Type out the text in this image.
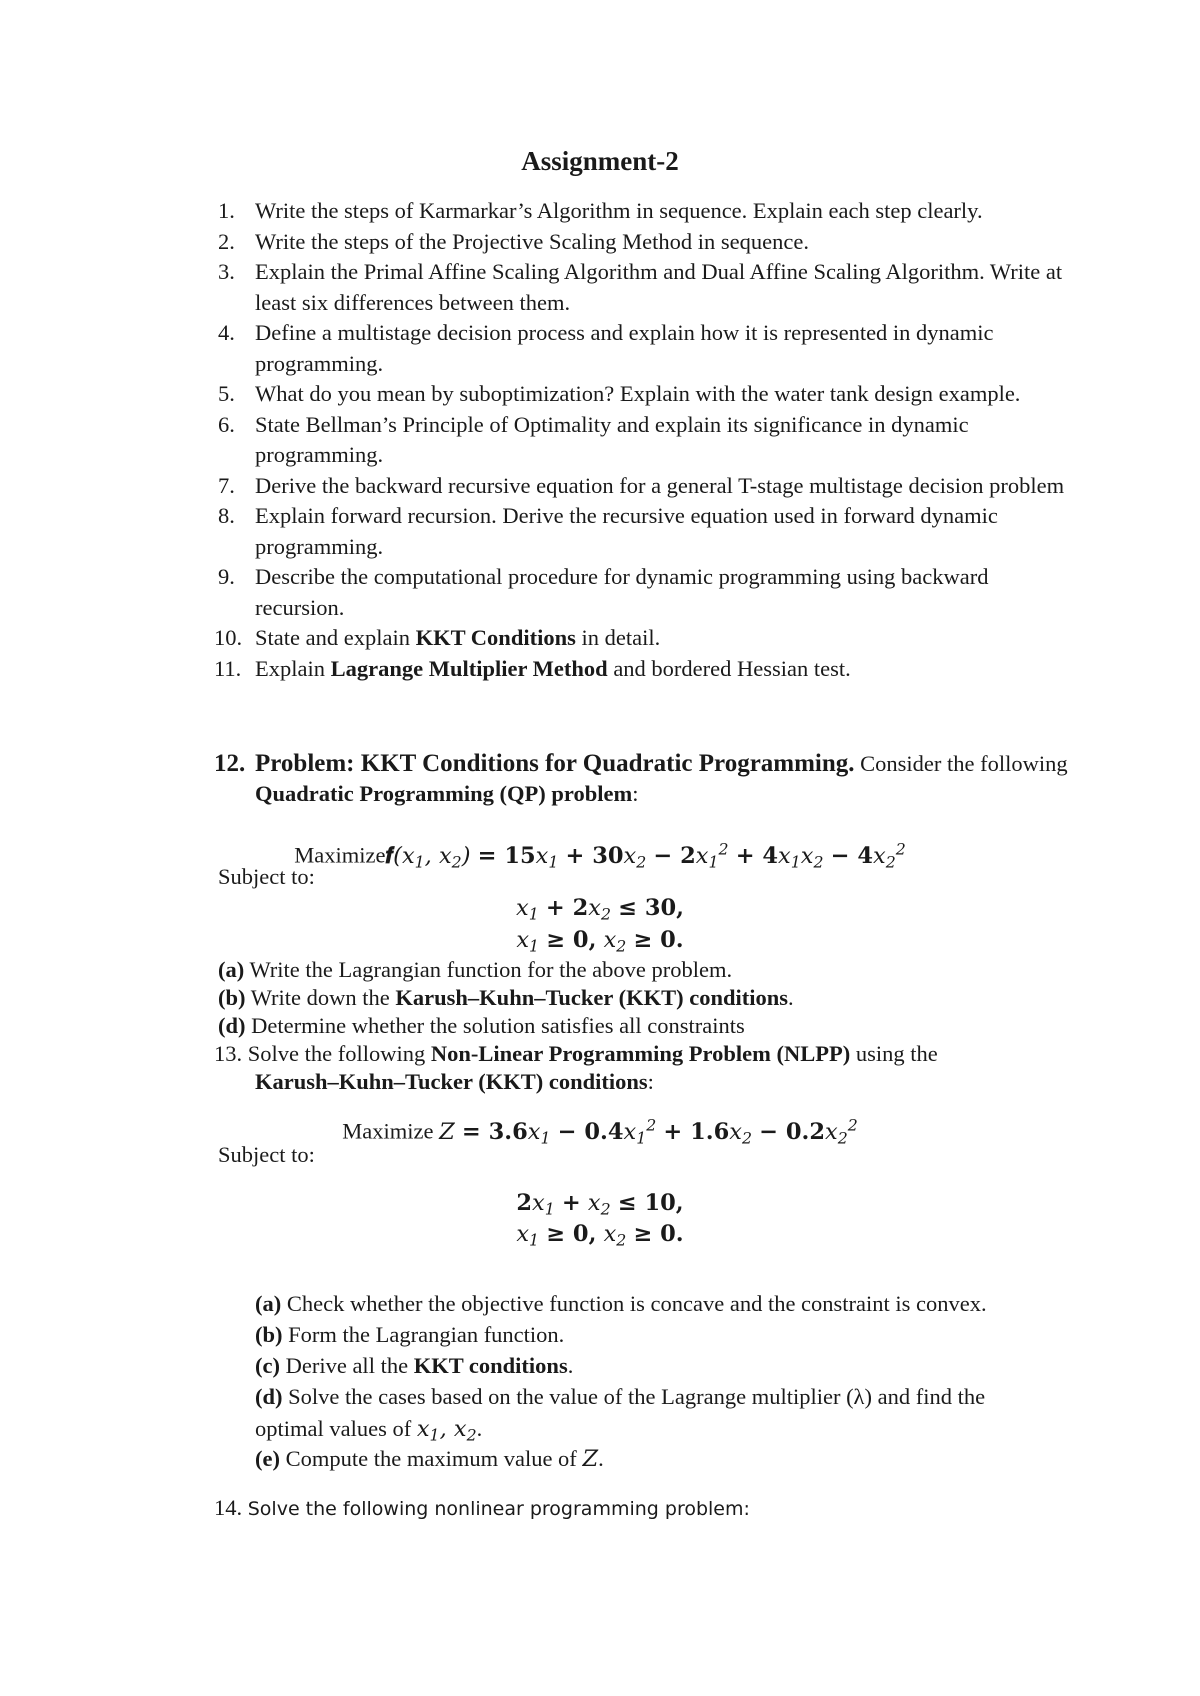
Assignment-2
1. Write the steps of Karmarkar’s Algorithm in sequence. Explain each step clearly.
2. Write the steps of the Projective Scaling Method in sequence.
3. Explain the Primal Affine Scaling Algorithm and Dual Affine Scaling Algorithm. Write at least six differences between them.
4. Define a multistage decision process and explain how it is represented in dynamic programming.
5. What do you mean by suboptimization? Explain with the water tank design example.
6. State Bellman’s Principle of Optimality and explain its significance in dynamic programming.
7. Derive the backward recursive equation for a general T-stage multistage decision problem
8. Explain forward recursion. Derive the recursive equation used in forward dynamic programming.
9. Describe the computational procedure for dynamic programming using backward recursion.
10. State and explain KKT Conditions in detail.
11. Explain Lagrange Multiplier Method and bordered Hessian test.
12. Problem: KKT Conditions for Quadratic Programming. Consider the following Quadratic Programming (QP) problem:
Maximize𝒇(𝑥$_1$, 𝑥$_2$) = 15𝑥$_1$ + 30𝑥$_2$ − 2𝑥$_1^2$ + 4𝑥$_1$𝑥$_2$ − 4𝑥$_2^2$
Subject to:
𝑥$_1$ + 2𝑥$_2$ ≤ 30,
𝑥$_1$ ≥ 0, 𝑥$_2$ ≥ 0.
(a) Write the Lagrangian function for the above problem.
(b) Write down the Karush–Kuhn–Tucker (KKT) conditions.
(d) Determine whether the solution satisfies all constraints
13. Solve the following Non-Linear Programming Problem (NLPP) using the
Karush–Kuhn–Tucker (KKT) conditions:
Maximize Z = 3.6𝑥$_1$ − 0.4𝑥$_1^2$ + 1.6𝑥$_2$ − 0.2𝑥$_2^2$
Subject to:
2𝑥$_1$ + 𝑥$_2$ ≤ 10,
𝑥$_1$ ≥ 0, 𝑥$_2$ ≥ 0.
(a) Check whether the objective function is concave and the constraint is convex.
(b) Form the Lagrangian function.
(c) Derive all the KKT conditions.
(d) Solve the cases based on the value of the Lagrange multiplier (λ) and find the
optimal values of 𝑥$_1$, 𝑥$_2$.
(e) Compute the maximum value of 𝑍.
14. Solve the following nonlinear programming problem:
